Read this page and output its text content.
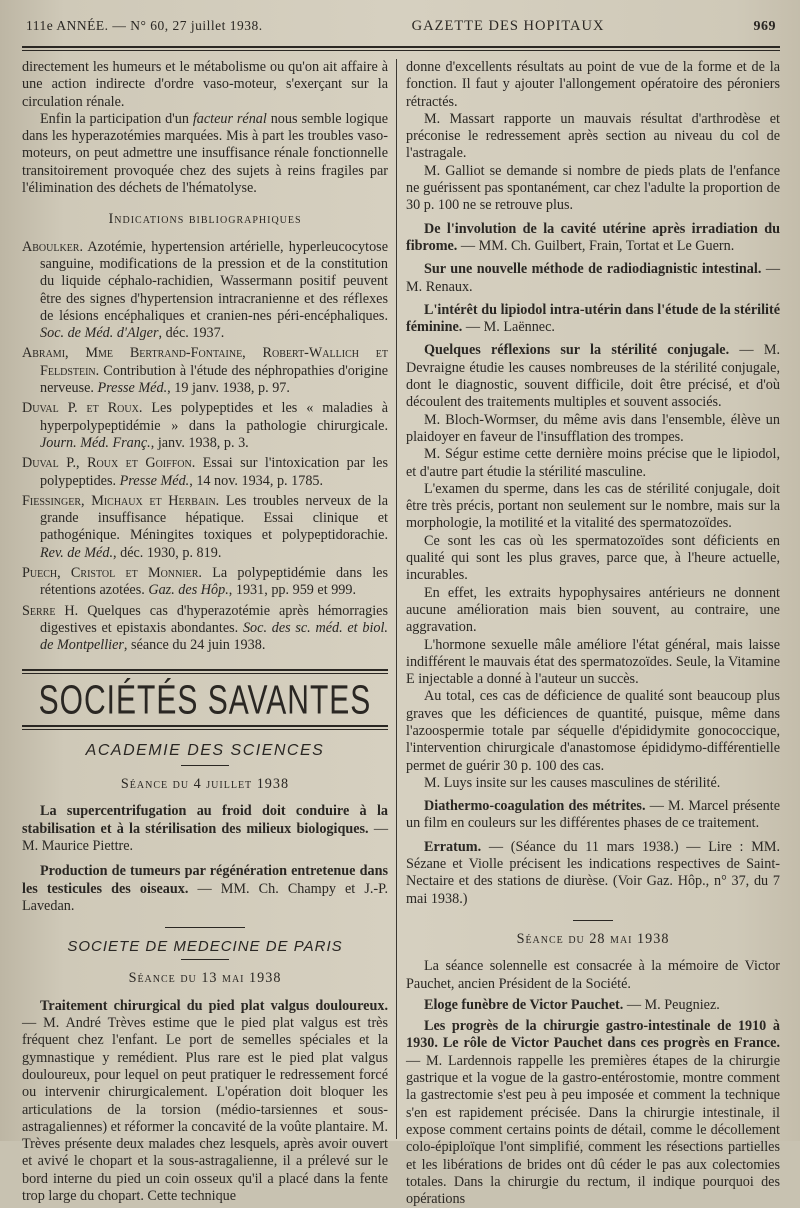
111e ANNÉE. — N° 60, 27 juillet 1938.	GAZETTE DES HOPITAUX	969

directement les humeurs et le métabolisme ou qu'on ait affaire à une action indirecte d'ordre vaso-moteur, s'exerçant sur la circulation rénale.

Enfin la participation d'un facteur rénal nous semble logique dans les hyperazotémies marquées. Mis à part les troubles vaso-moteurs, on peut admettre une insuffisance rénale fonctionnelle transitoirement provoquée chez des sujets à reins fragiles par l'élimination des déchets de l'hématolyse.

Indications bibliographiques

Aboulker. Azotémie, hypertension artérielle, hyperleucocytose sanguine, modifications de la pression et de la constitution du liquide céphalo-rachidien, Wassermann positif peuvent être des signes d'hypertension intracranienne et des réflexes de lésions encéphaliques et cranien-nes péri-encéphaliques. Soc. de Méd. d'Alger, déc. 1937.

Abrami, Mme Bertrand-Fontaine, Robert-Wallich et Feldstein. Contribution à l'étude des néphropathies d'origine nerveuse. Presse Méd., 19 janv. 1938, p. 97.

Duval P. et Roux. Les polypeptides et les « maladies à hyperpolypeptidémie » dans la pathologie chirurgicale. Journ. Méd. Franç., janv. 1938, p. 3.

Duval P., Roux et Goiffon. Essai sur l'intoxication par les polypeptides. Presse Méd., 14 nov. 1934, p. 1785.

Fiessinger, Michaux et Herbain. Les troubles nerveux de la grande insuffisance hépatique. Essai clinique et pathogénique. Méningites toxiques et polypeptidorachie. Rev. de Méd., déc. 1930, p. 819.

Puech, Cristol et Monnier. La polypeptidémie dans les rétentions azotées. Gaz. des Hôp., 1931, pp. 959 et 999.

Serre H. Quelques cas d'hyperazotémie après hémorragies digestives et epistaxis abondantes. Soc. des sc. méd. et biol. de Montpellier, séance du 24 juin 1938.

SOCIÉTÉS SAVANTES
ACADEMIE DES SCIENCES
Séance du 4 juillet 1938

La supercentrifugation au froid doit conduire à la stabilisation et à la stérilisation des milieux biologiques. — M. Maurice Piettre.

Production de tumeurs par régénération entretenue dans les testicules des oiseaux. — MM. Ch. Champy et J.-P. Lavedan.

SOCIETE DE MEDECINE DE PARIS
Séance du 13 mai 1938

Traitement chirurgical du pied plat valgus douloureux. — M. André Trèves estime que le pied plat valgus est très fréquent chez l'enfant. Le port de semelles spéciales et la gymnastique y remédient. Plus rare est le pied plat valgus douloureux, pour lequel on peut pratiquer le redressement forcé ou intervenir chirurgicalement. L'opération doit bloquer les articulations de la torsion (médio-tarsiennes et sous-astragaliennes) et réformer la concavité de la voûte plantaire. M. Trèves présente deux malades chez lesquels, après avoir ouvert et avivé le chopart et la sous-astragalienne, il a prélevé sur le bord interne du pied un coin osseux qu'il a placé dans la fente trop large du chopart. Cette technique

donne d'excellents résultats au point de vue de la forme et de la fonction. Il faut y ajouter l'allongement opératoire des péroniers rétractés.

M. Massart rapporte un mauvais résultat d'arthrodèse et préconise le redressement après section au niveau du col de l'astragale.

M. Galliot se demande si nombre de pieds plats de l'enfance ne guérissent pas spontanément, car chez l'adulte la proportion de 30 p. 100 ne se retrouve plus.

De l'involution de la cavité utérine après irradiation du fibrome. — MM. Ch. Guilbert, Frain, Tortat et Le Guern.

Sur une nouvelle méthode de radiodiagnistic intestinal. — M. Renaux.

L'intérêt du lipiodol intra-utérin dans l'étude de la stérilité féminine. — M. Laënnec.

Quelques réflexions sur la stérilité conjugale. — M. Devraigne étudie les causes nombreuses de la stérilité conjugale, dont le diagnostic, souvent difficile, doit être précisé, et d'où découlent des traitements multiples et souvent associés.

M. Bloch-Wormser, du même avis dans l'ensemble, élève un plaidoyer en faveur de l'insufflation des trompes.

M. Ségur estime cette dernière moins précise que le lipiodol, et d'autre part étudie la stérilité masculine.

L'examen du sperme, dans les cas de stérilité conjugale, doit être très précis, portant non seulement sur le nombre, mais sur la morphologie, la motilité et la vitalité des spermatozoïdes.

Ce sont les cas où les spermatozoïdes sont déficients en qualité qui sont les plus graves, parce que, à l'heure actuelle, incurables.

En effet, les extraits hypophysaires antérieurs ne donnent aucune amélioration mais bien souvent, au contraire, une aggravation.

L'hormone sexuelle mâle améliore l'état général, mais laisse indifférent le mauvais état des spermatozoïdes. Seule, la Vitamine E injectable a donné à l'auteur un succès.

Au total, ces cas de déficience de qualité sont beaucoup plus graves que les déficiences de quantité, puisque, même dans l'azoospermie totale par séquelle d'épididymite gonococcique, l'intervention chirurgicale d'anastomose épididymo-différentielle permet de guérir 30 p. 100 des cas.

M. Luys insite sur les causes masculines de stérilité.

Diathermo-coagulation des métrites. — M. Marcel présente un film en couleurs sur les différentes phases de ce traitement.

Erratum. — (Séance du 11 mars 1938.) — Lire : MM. Sézane et Violle précisent les indications respectives de Saint-Nectaire et des stations de diurèse. (Voir Gaz. Hôp., n° 37, du 7 mai 1938.)

Séance du 28 mai 1938

La séance solennelle est consacrée à la mémoire de Victor Pauchet, ancien Président de la Société.

Eloge funèbre de Victor Pauchet. — M. Peugniez.

Les progrès de la chirurgie gastro-intestinale de 1910 à 1930. Le rôle de Victor Pauchet dans ces progrès en France. — M. Lardennois rappelle les premières étapes de la chirurgie gastrique et la vogue de la gastro-entérostomie, montre comment la gastrectomie s'est peu à peu imposée et comment la technique s'en est rapidement précisée. Dans la chirurgie intestinale, il expose comment certains points de détail, comme le décollement colo-épiploïque l'ont simplifié, comment les résections partielles et les libérations de brides ont dû céder le pas aux colectomies totales. Dans la chirurgie du rectum, il indique pourquoi des opérations
